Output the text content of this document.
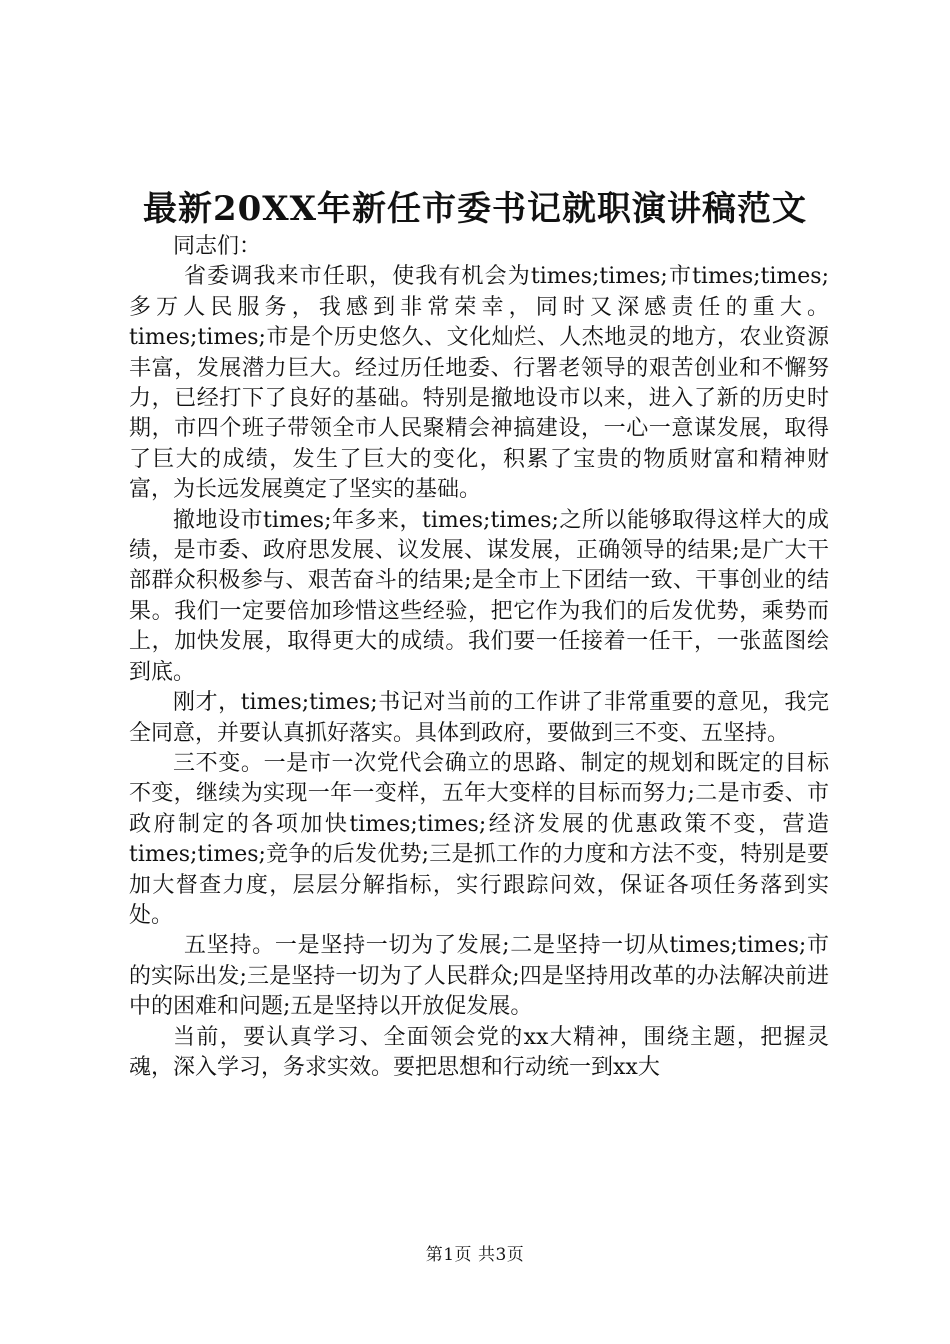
最新20XX年新任市委书记就职演讲稿范文

同志们：

省委调我来市任职，使我有机会为times;times;市times;times;多万人民服务，我感到非常荣幸，同时又深感责任的重大。times;times;市是个历史悠久、文化灿烂、人杰地灵的地方，农业资源丰富，发展潜力巨大。经过历任地委、行署老领导的艰苦创业和不懈努力，已经打下了良好的基础。特别是撤地设市以来，进入了新的历史时期，市四个班子带领全市人民聚精会神搞建设，一心一意谋发展，取得了巨大的成绩，发生了巨大的变化，积累了宝贵的物质财富和精神财富，为长远发展奠定了坚实的基础。

撤地设市times;年多来，times;times;之所以能够取得这样大的成绩，是市委、政府思发展、议发展、谋发展，正确领导的结果;是广大干部群众积极参与、艰苦奋斗的结果;是全市上下团结一致、干事创业的结果。我们一定要倍加珍惜这些经验，把它作为我们的后发优势，乘势而上，加快发展，取得更大的成绩。我们要一任接着一任干，一张蓝图绘到底。

刚才，times;times;书记对当前的工作讲了非常重要的意见，我完全同意，并要认真抓好落实。具体到政府，要做到三不变、五坚持。

三不变。一是市一次党代会确立的思路、制定的规划和既定的目标不变，继续为实现一年一变样，五年大变样的目标而努力;二是市委、市政府制定的各项加快times;times;经济发展的优惠政策不变，营造times;times;竞争的后发优势;三是抓工作的力度和方法不变，特别是要加大督查力度，层层分解指标，实行跟踪问效，保证各项任务落到实处。

五坚持。一是坚持一切为了发展;二是坚持一切从times;times;市的实际出发;三是坚持一切为了人民群众;四是坚持用改革的办法解决前进中的困难和问题;五是坚持以开放促发展。

当前，要认真学习、全面领会党的xx大精神，围绕主题，把握灵魂，深入学习，务求实效。要把思想和行动统一到xx大

第1页 共3页
